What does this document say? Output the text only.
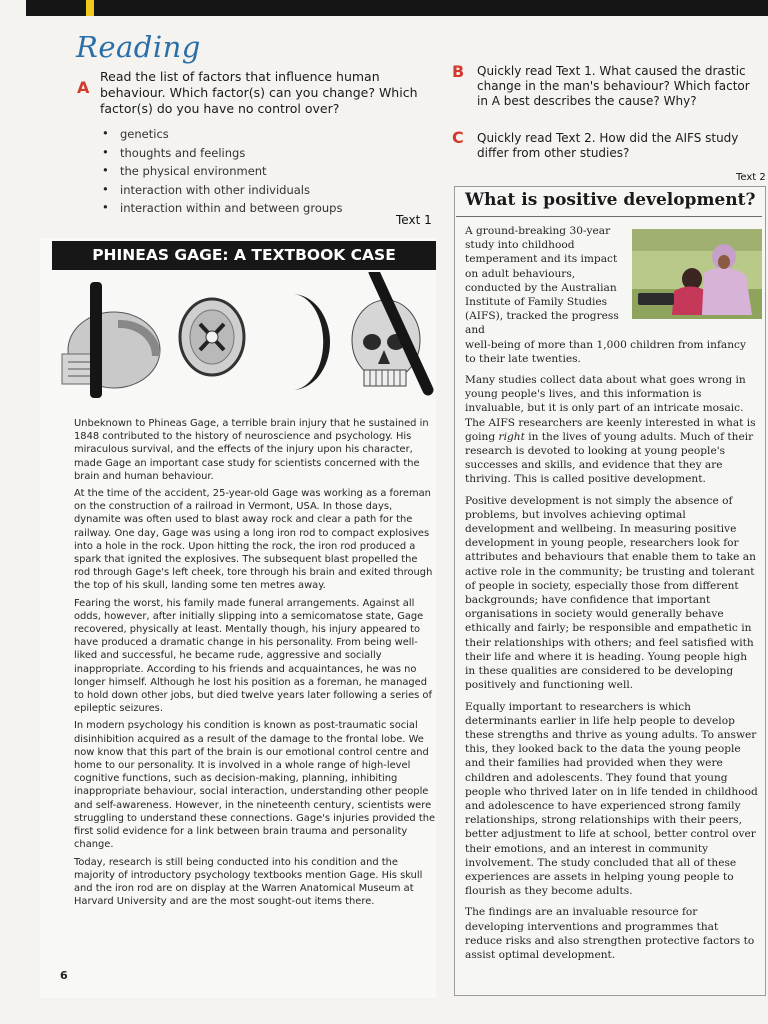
Reading
A
Read the list of factors that influence human behaviour. Which factor(s) can you change? Which factor(s) do you have no control over?
• genetics
• thoughts and feelings
• the physical environment
• interaction with other individuals
• interaction within and between groups
B Quickly read Text 1. What caused the drastic change in the man's behaviour? Which factor in A best describes the cause? Why?
C Quickly read Text 2. How did the AIFS study differ from other studies?
Text 1
PHINEAS GAGE: A TEXTBOOK CASE

Unbeknown to Phineas Gage, a terrible brain injury that he sustained in 1848 contributed to the history of neuroscience and psychology. His miraculous survival, and the effects of the injury upon his character, made Gage an important case study for scientists concerned with the brain and human behaviour.

At the time of the accident, 25-year-old Gage was working as a foreman on the construction of a railroad in Vermont, USA. In those days, dynamite was often used to blast away rock and clear a path for the railway. One day, Gage was using a long iron rod to compact explosives into a hole in the rock. Upon hitting the rock, the iron rod produced a spark that ignited the explosives. The subsequent blast propelled the rod through Gage's left cheek, tore through his brain and exited through the top of his skull, landing some ten metres away.

Fearing the worst, his family made funeral arrangements. Against all odds, however, after initially slipping into a semicomatose state, Gage recovered, physically at least. Mentally though, his injury appeared to have produced a dramatic change in his personality. From being well-liked and successful, he became rude, aggressive and socially inappropriate. According to his friends and acquaintances, he was no longer himself. Although he lost his position as a foreman, he managed to hold down other jobs, but died twelve years later following a series of epileptic seizures.

In modern psychology his condition is known as post-traumatic social disinhibition acquired as a result of the damage to the frontal lobe. We now know that this part of the brain is our emotional control centre and home to our personality. It is involved in a whole range of high-level cognitive functions, such as decision-making, planning, inhibiting inappropriate behaviour, social interaction, understanding other people and self-awareness. However, in the nineteenth century, scientists were struggling to understand these connections. Gage's injuries provided the first solid evidence for a link between brain trauma and personality change.

Today, research is still being conducted into his condition and the majority of introductory psychology textbooks mention Gage. His skull and the iron rod are on display at the Warren Anatomical Museum at Harvard University and are the most sought-out items there.

6
Text 2
What is positive development?
A ground-breaking 30-year study into childhood temperament and its impact on adult behaviours, conducted by the Australian Institute of Family Studies (AIFS), tracked the progress and

well-being of more than 1,000 children from infancy to their late twenties.

Many studies collect data about what goes wrong in young people's lives, and this information is invaluable, but it is only part of an intricate mosaic. The AIFS researchers are keenly interested in what is going right in the lives of young adults. Much of their research is devoted to looking at young people's successes and skills, and evidence that they are thriving. This is called positive development.

Positive development is not simply the absence of problems, but involves achieving optimal development and wellbeing. In measuring positive development in young people, researchers look for attributes and behaviours that enable them to take an active role in the community; be trusting and tolerant of people in society, especially those from different backgrounds; have confidence that important organisations in society would generally behave ethically and fairly; be responsible and empathetic in their relationships with others; and feel satisfied with their life and where it is heading. Young people high in these qualities are considered to be developing positively and functioning well.

Equally important to researchers is which determinants earlier in life help people to develop these strengths and thrive as young adults. To answer this, they looked back to the data the young people and their families had provided when they were children and adolescents. They found that young people who thrived later on in life tended in childhood and adolescence to have experienced strong family relationships, strong relationships with their peers, better adjustment to life at school, better control over their emotions, and an interest in community involvement. The study concluded that all of these experiences are assets in helping young people to flourish as they become adults.

The findings are an invaluable resource for developing interventions and programmes that reduce risks and also strengthen protective factors to assist optimal development.
